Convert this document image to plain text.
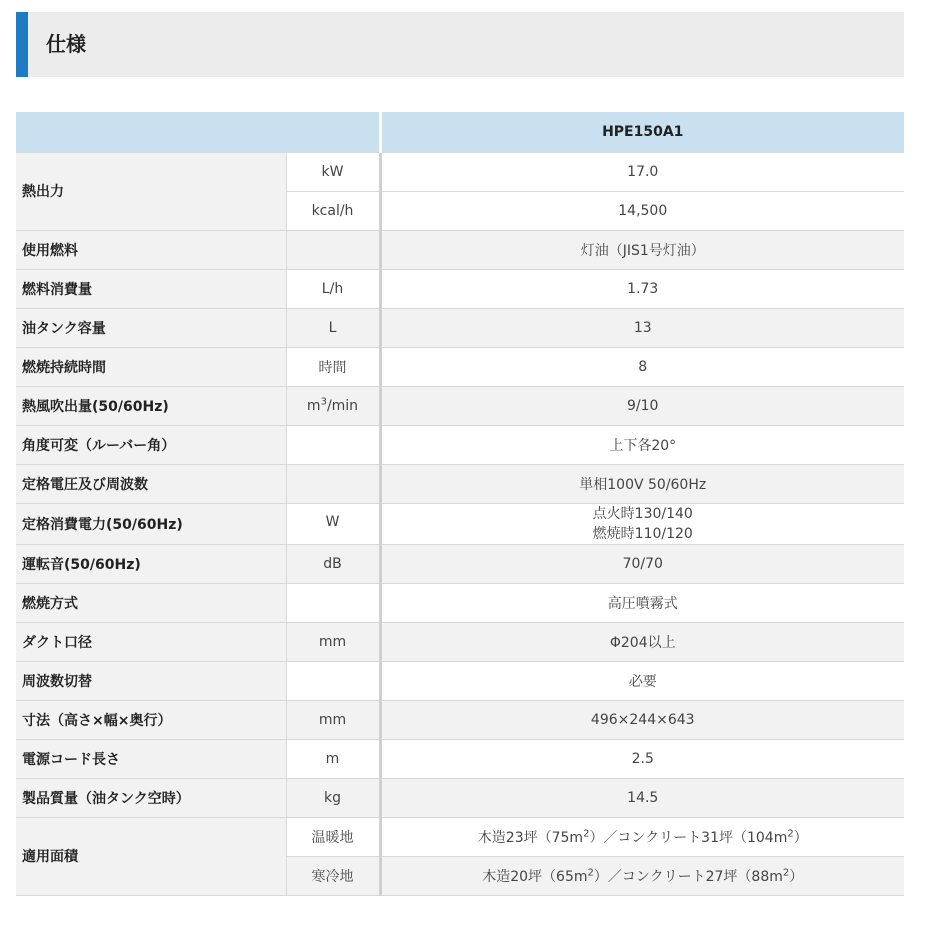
仕様
		HPE150A1
熱出力	kW	17.0
	kcal/h	14,500
使用燃料		灯油（JIS1号灯油）
燃料消費量	L/h	1.73
油タンク容量	L	13
燃焼持続時間	時間	8
熱風吹出量(50/60Hz)	$m^3/\min$	9/10
角度可変（ルーバー角）		上下各20°
定格電圧及び周波数		単相100V 50/60Hz
定格消費電力(50/60Hz)	W	点火時130/140
燃焼時110/120

運転音(50/60Hz)	dB	70/70
燃焼方式		高圧噴霧式
ダクト口径	mm	Φ204以上
周波数切替		必要
寸法（高さ×幅×奥行）	mm	496×244×643
電源コード長さ	m	2.5
製品質量（油タンク空時）	kg	14.5
適用面積	温暖地	木造23坪$(75m^2)/$コンクリート31坪$(104m^2)$
	寒冷地	木造20坪$(65m^2)/$コンクリート27坪$(88m^2)$
